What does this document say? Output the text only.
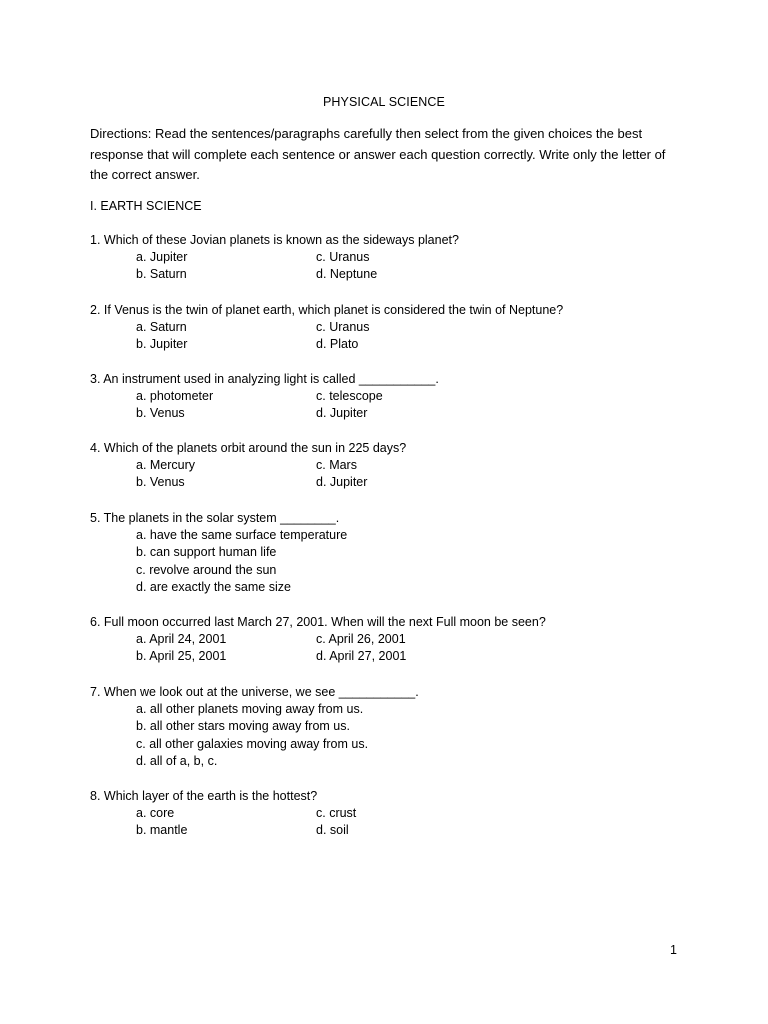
PHYSICAL SCIENCE
Directions: Read the sentences/paragraphs carefully then select from the given choices the best response that will complete each sentence or answer each question correctly. Write only the letter of the correct answer.
I. EARTH SCIENCE
1. Which of these Jovian planets is known as the sideways planet?
a. Jupiter	c. Uranus
b. Saturn	d. Neptune
2. If Venus is the twin of planet earth, which planet is considered the twin of Neptune?
a. Saturn	c. Uranus
b. Jupiter	d. Plato
3. An instrument used in analyzing light is called ___________.
a. photometer	c. telescope
b. Venus	d. Jupiter
4. Which of the planets orbit around the sun in 225 days?
a. Mercury	c. Mars
b. Venus	d. Jupiter
5. The planets in the solar system ________.
a. have the same surface temperature
b. can support human life
c. revolve around the sun
d. are exactly the same size
6. Full moon occurred last March 27, 2001. When will the next Full moon be seen?
a. April 24, 2001	c. April 26, 2001
b. April 25, 2001	d. April 27, 2001
7. When we look out at the universe, we see ___________.
a. all other planets moving away from us.
b. all other stars moving away from us.
c. all other galaxies moving away from us.
d. all of a, b, c.
8. Which layer of the earth is the hottest?
a. core	c. crust
b. mantle	d. soil
1
